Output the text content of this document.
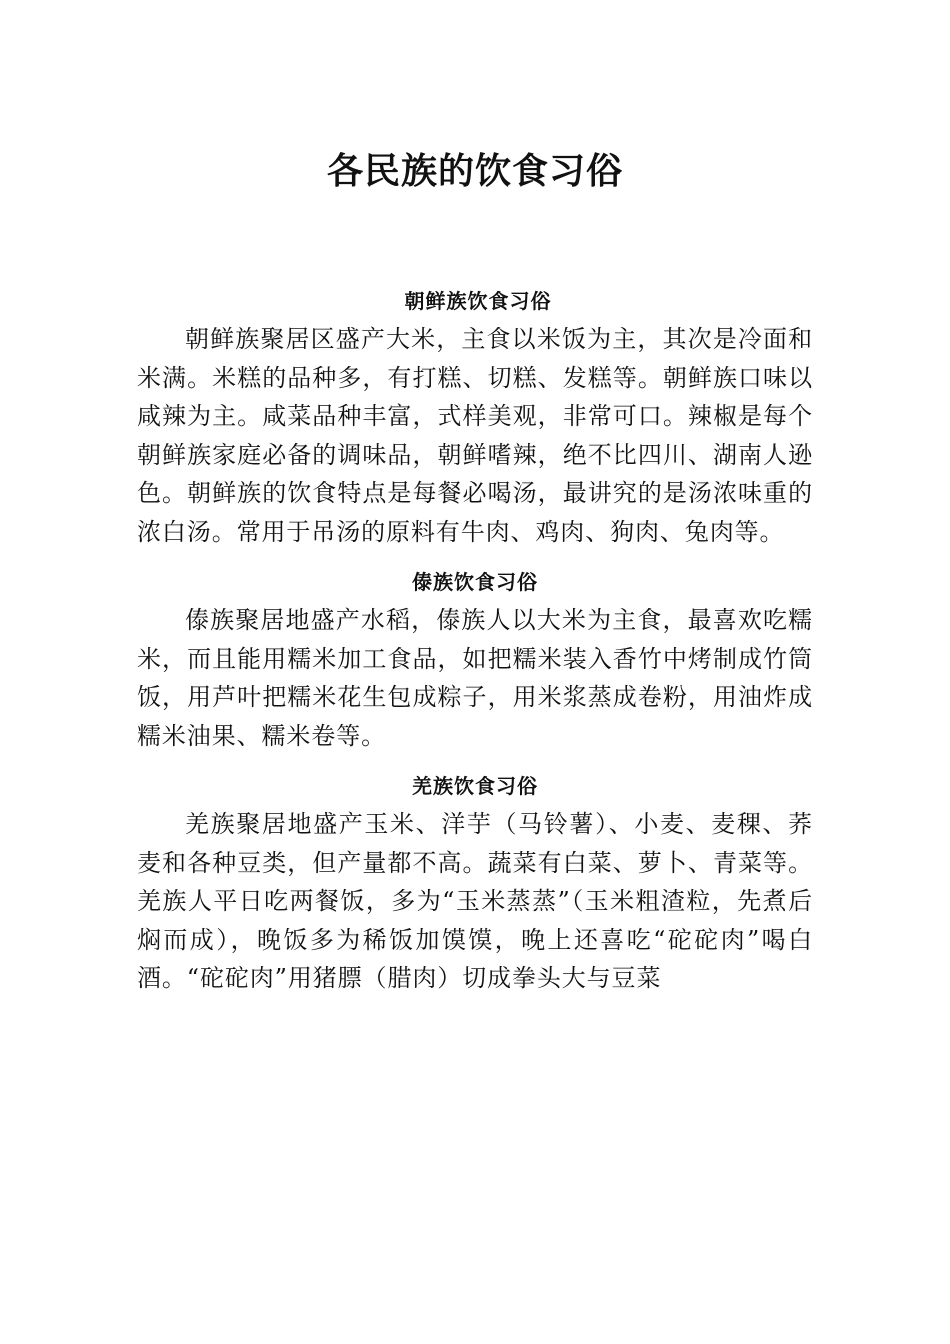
各民族的饮食习俗
朝鲜族饮食习俗

朝鲜族聚居区盛产大米，主食以米饭为主，其次是冷面和米满。米糕的品种多，有打糕、切糕、发糕等。朝鲜族口味以咸辣为主。咸菜品种丰富，式样美观，非常可口。辣椒是每个朝鲜族家庭必备的调味品，朝鲜嗜辣，绝不比四川、湖南人逊色。朝鲜族的饮食特点是每餐必喝汤，最讲究的是汤浓味重的浓白汤。常用于吊汤的原料有牛肉、鸡肉、狗肉、兔肉等。

傣族饮食习俗

傣族聚居地盛产水稻，傣族人以大米为主食，最喜欢吃糯米，而且能用糯米加工食品，如把糯米装入香竹中烤制成竹筒饭，用芦叶把糯米花生包成粽子，用米浆蒸成卷粉，用油炸成糯米油果、糯米卷等。

羌族饮食习俗

羌族聚居地盛产玉米、洋芋（马铃薯）、小麦、麦稞、荞麦和各种豆类，但产量都不高。蔬菜有白菜、萝卜、青菜等。羌族人平日吃两餐饭，多为“玉米蒸蒸”（玉米粗渣粒，先煮后焖而成），晚饭多为稀饭加馍馍，晚上还喜吃“砣砣肉”喝白酒。“砣砣肉”用猪膘（腊肉）切成拳头大与豆菜
